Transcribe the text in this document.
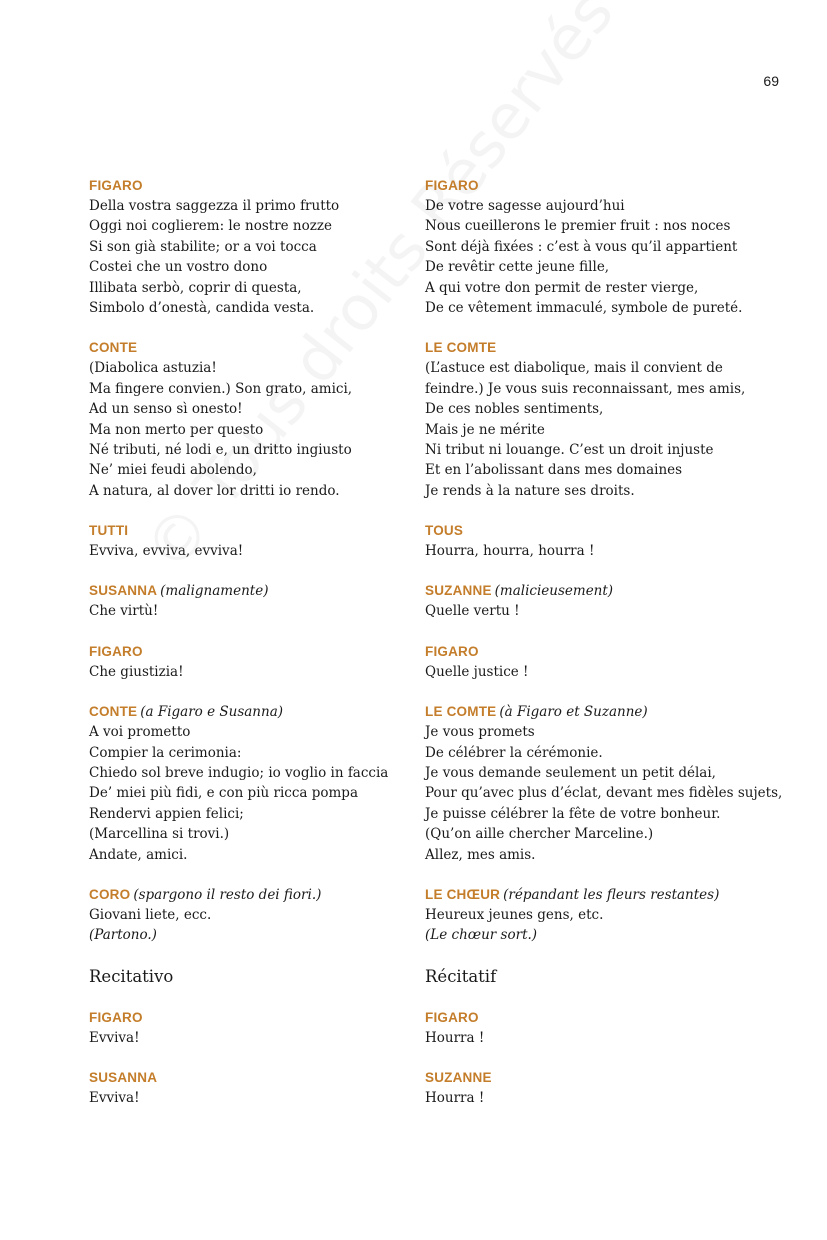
69
FIGARO
Della vostra saggezza il primo frutto
Oggi noi coglierem: le nostre nozze
Si son già stabilite; or a voi tocca
Costei che un vostro dono
Illibata serbò, coprir di questa,
Simbolo d’onestà, candida vesta.
CONTE
(Diabolica astuzia!
Ma fingere convien.) Son grato, amici,
Ad un senso sì onesto!
Ma non merto per questo
Né tributi, né lodi e, un dritto ingiusto
Ne’ miei feudi abolendo,
A natura, al dover lor dritti io rendo.
TUTTI
Evviva, evviva, evviva!
SUSANNA (malignamente)
Che virtù!
FIGARO
Che giustizia!
CONTE (a Figaro e Susanna)
A voi prometto
Compier la cerimonia:
Chiedo sol breve indugio; io voglio in faccia
De’ miei più fidi, e con più ricca pompa
Rendervi appien felici;
(Marcellina si trovi.)
Andate, amici.
CORO (spargono il resto dei fiori.)
Giovani liete, ecc.
(Partono.)
Recitativo
FIGARO
Evviva!
SUSANNA
Evviva!
FIGARO
De votre sagesse aujourd’hui
Nous cueillerons le premier fruit : nos noces
Sont déjà fixées : c’est à vous qu’il appartient
De revêtir cette jeune fille,
A qui votre don permit de rester vierge,
De ce vêtement immaculé, symbole de pureté.
LE COMTE
(L’astuce est diabolique, mais il convient de
feindre.) Je vous suis reconnaissant, mes amis,
De ces nobles sentiments,
Mais je ne mérite
Ni tribut ni louange. C’est un droit injuste
Et en l’abolissant dans mes domaines
Je rends à la nature ses droits.
TOUS
Hourra, hourra, hourra !
SUZANNE (malicieusement)
Quelle vertu !
FIGARO
Quelle justice !
LE COMTE (à Figaro et Suzanne)
Je vous promets
De célébrer la cérémonie.
Je vous demande seulement un petit délai,
Pour qu’avec plus d’éclat, devant mes fidèles sujets,
Je puisse célébrer la fête de votre bonheur.
(Qu’on aille chercher Marceline.)
Allez, mes amis.
LE CHŒUR (répandant les fleurs restantes)
Heureux jeunes gens, etc.
(Le chœur sort.)
Récitatif
FIGARO
Hourra !
SUZANNE
Hourra !
